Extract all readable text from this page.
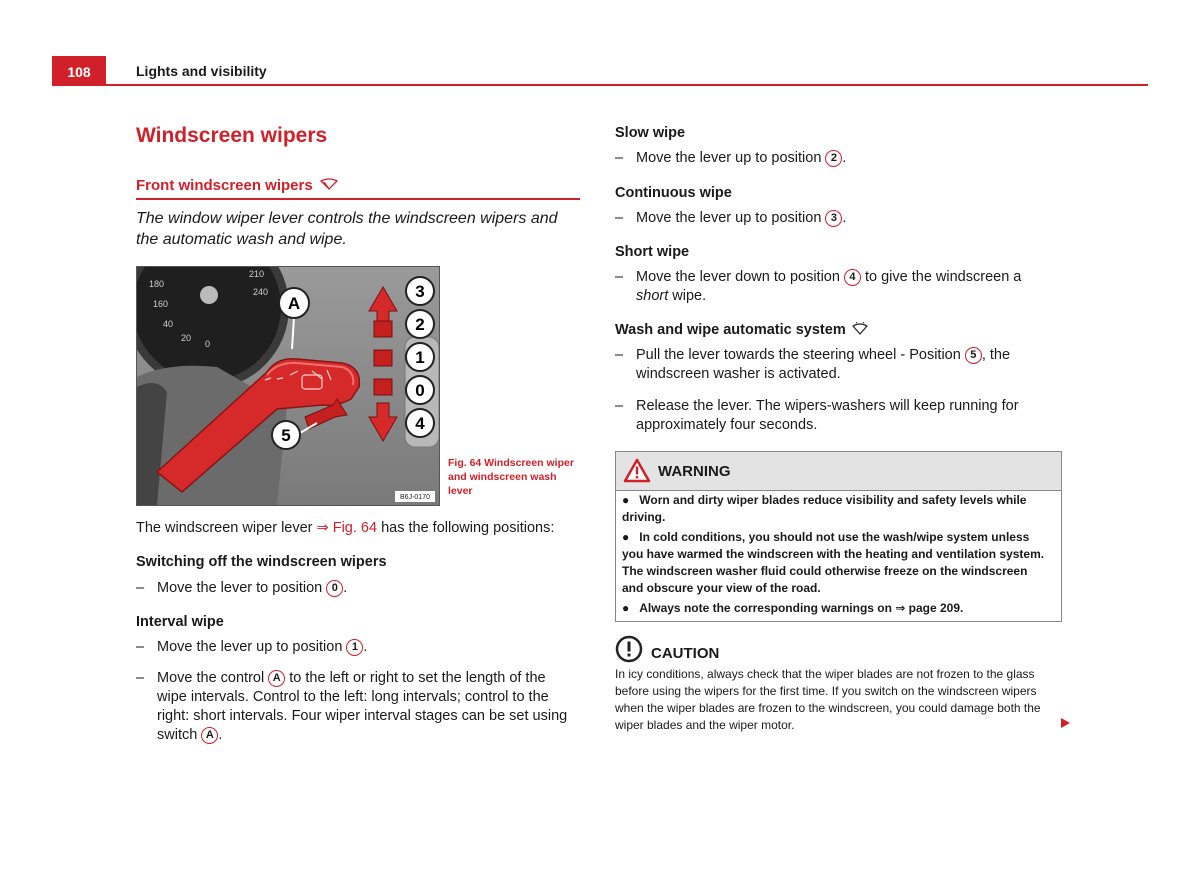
108	Lights and visibility
Windscreen wipers
Front windscreen wipers
The window wiper lever controls the windscreen wipers and the automatic wash and wipe.
210
240
180
160
40
20
0
A
3
2
1
0
4
5
B6J-0170
Fig. 64 Windscreen wiper and windscreen wash lever
The windscreen wiper lever ⇒ Fig. 64 has the following positions:
Switching off the windscreen wipers
– Move the lever to position 0 .
Interval wipe
– Move the lever up to position 1 .
– Move the control A to the left or right to set the length of the wipe intervals. Control to the left: long intervals; control to the right: short intervals. Four wiper interval stages can be set using switch A .
Slow wipe
– Move the lever up to position 2 .
Continuous wipe
– Move the lever up to position 3 .
Short wipe
– Move the lever down to position 4 to give the windscreen a short wipe.
Wash and wipe automatic system
– Pull the lever towards the steering wheel - Position 5 , the windscreen washer is activated.
– Release the lever. The wipers-washers will keep running for approximately four seconds.
WARNING
●   Worn and dirty wiper blades reduce visibility and safety levels while driving.
●   In cold conditions, you should not use the wash/wipe system unless you have warmed the windscreen with the heating and ventilation system. The windscreen washer fluid could otherwise freeze on the windscreen and obscure your view of the road.
●   Always note the corresponding warnings on ⇒ page 209.
CAUTION
In icy conditions, always check that the wiper blades are not frozen to the glass before using the wipers for the first time. If you switch on the windscreen wipers when the wiper blades are frozen to the windscreen, you could damage both the wiper blades and the wiper motor.
